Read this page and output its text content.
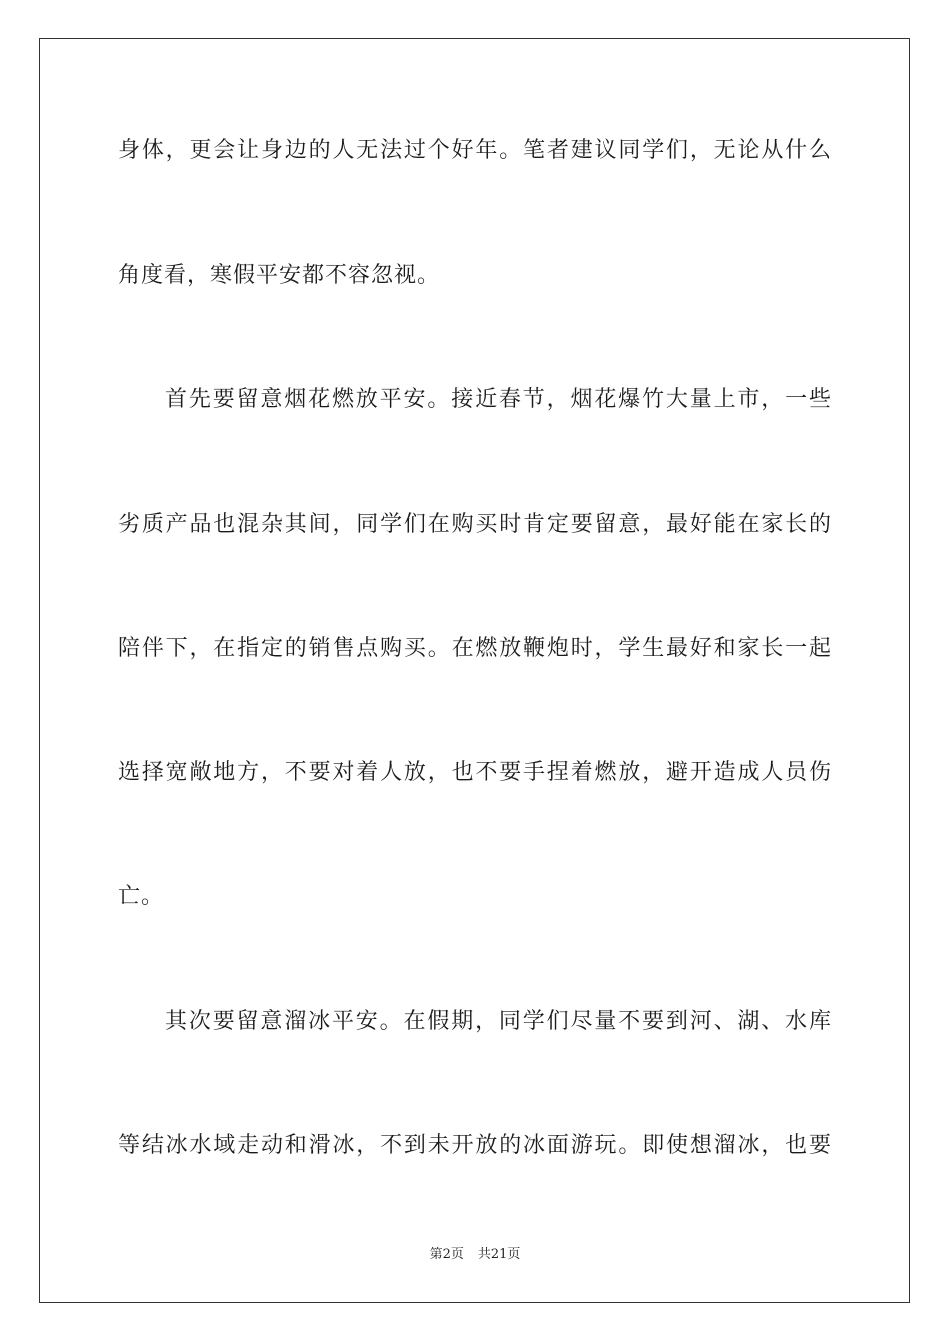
身体，更会让身边的人无法过个好年。笔者建议同学们，无论从什么
角度看，寒假平安都不容忽视。
首先要留意烟花燃放平安。接近春节，烟花爆竹大量上市，一些
劣质产品也混杂其间，同学们在购买时肯定要留意，最好能在家长的
陪伴下，在指定的销售点购买。在燃放鞭炮时，学生最好和家长一起
选择宽敞地方，不要对着人放，也不要手捏着燃放，避开造成人员伤
亡。
其次要留意溜冰平安。在假期，同学们尽量不要到河、湖、水库
等结冰水域走动和滑冰，不到未开放的冰面游玩。即使想溜冰，也要
第2页 共21页
